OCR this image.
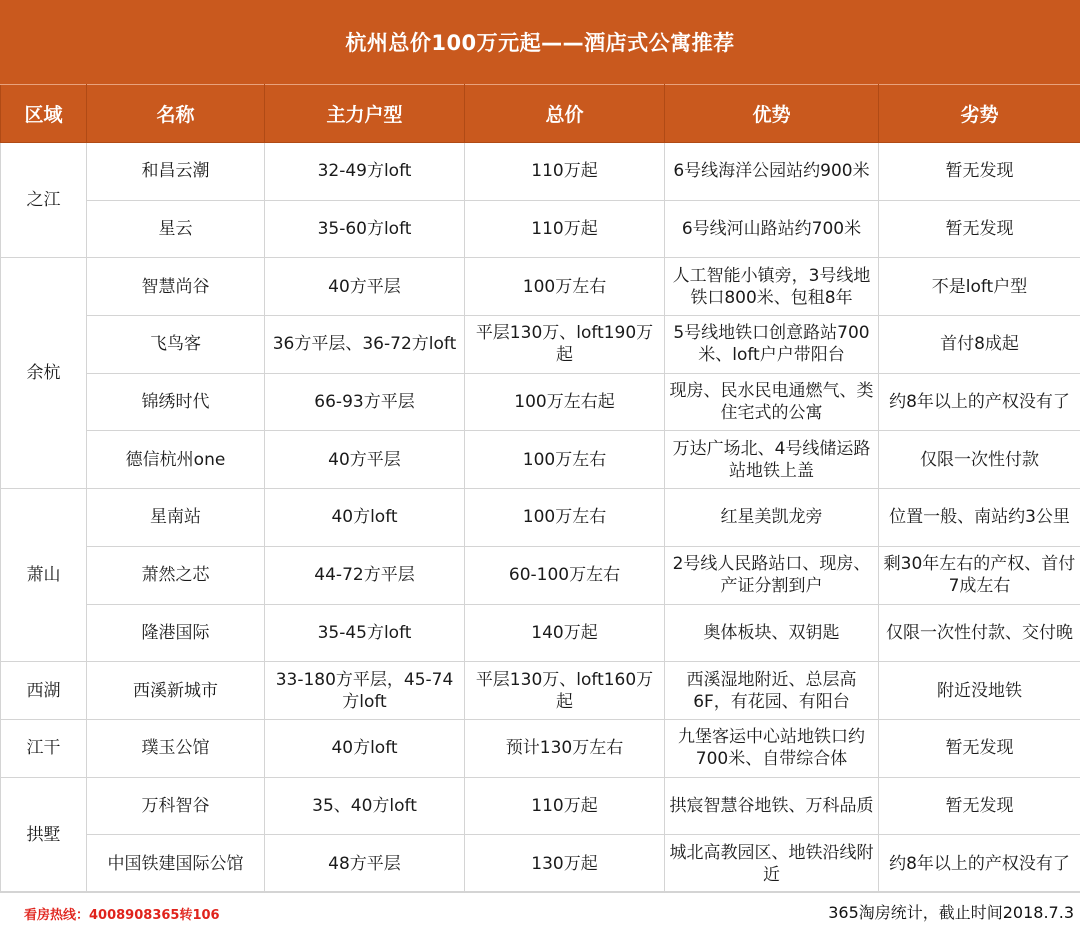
杭州总价100万元起——酒店式公寓推荐
区域	名称	主力户型	总价	优势	劣势
之江	和昌云潮	32-49方loft	110万起	6号线海洋公园站约900米	暂无发现
	星云	35-60方loft	110万起	6号线河山路站约700米	暂无发现
余杭	智慧尚谷	40方平层	100万左右	人工智能小镇旁，3号线地铁口800米、包租8年	不是loft户型
	飞鸟客	36方平层、36-72方loft	平层130万、loft190万起	5号线地铁口创意路站700米、loft户户带阳台	首付8成起
	锦绣时代	66-93方平层	100万左右起	现房、民水民电通燃气、类住宅式的公寓	约8年以上的产权没有了
	德信杭州one	40方平层	100万左右	万达广场北、4号线储运路站地铁上盖	仅限一次性付款
萧山	星南站	40方loft	100万左右	红星美凯龙旁	位置一般、南站约3公里
	萧然之芯	44-72方平层	60-100万左右	2号线人民路站口、现房、产证分割到户	剩30年左右的产权、首付7成左右
	隆港国际	35-45方loft	140万起	奥体板块、双钥匙	仅限一次性付款、交付晚
西湖	西溪新城市	33-180方平层，45-74方loft	平层130万、loft160万起	西溪湿地附近、总层高6F，有花园、有阳台	附近没地铁
江干	璞玉公馆	40方loft	预计130万左右	九堡客运中心站地铁口约700米、自带综合体	暂无发现
拱墅	万科智谷	35、40方loft	110万起	拱宸智慧谷地铁、万科品质	暂无发现
	中国铁建国际公馆	48方平层	130万起	城北高教园区、地铁沿线附近	约8年以上的产权没有了
看房热线：4008908365转106	365淘房统计，截止时间2018.7.3
